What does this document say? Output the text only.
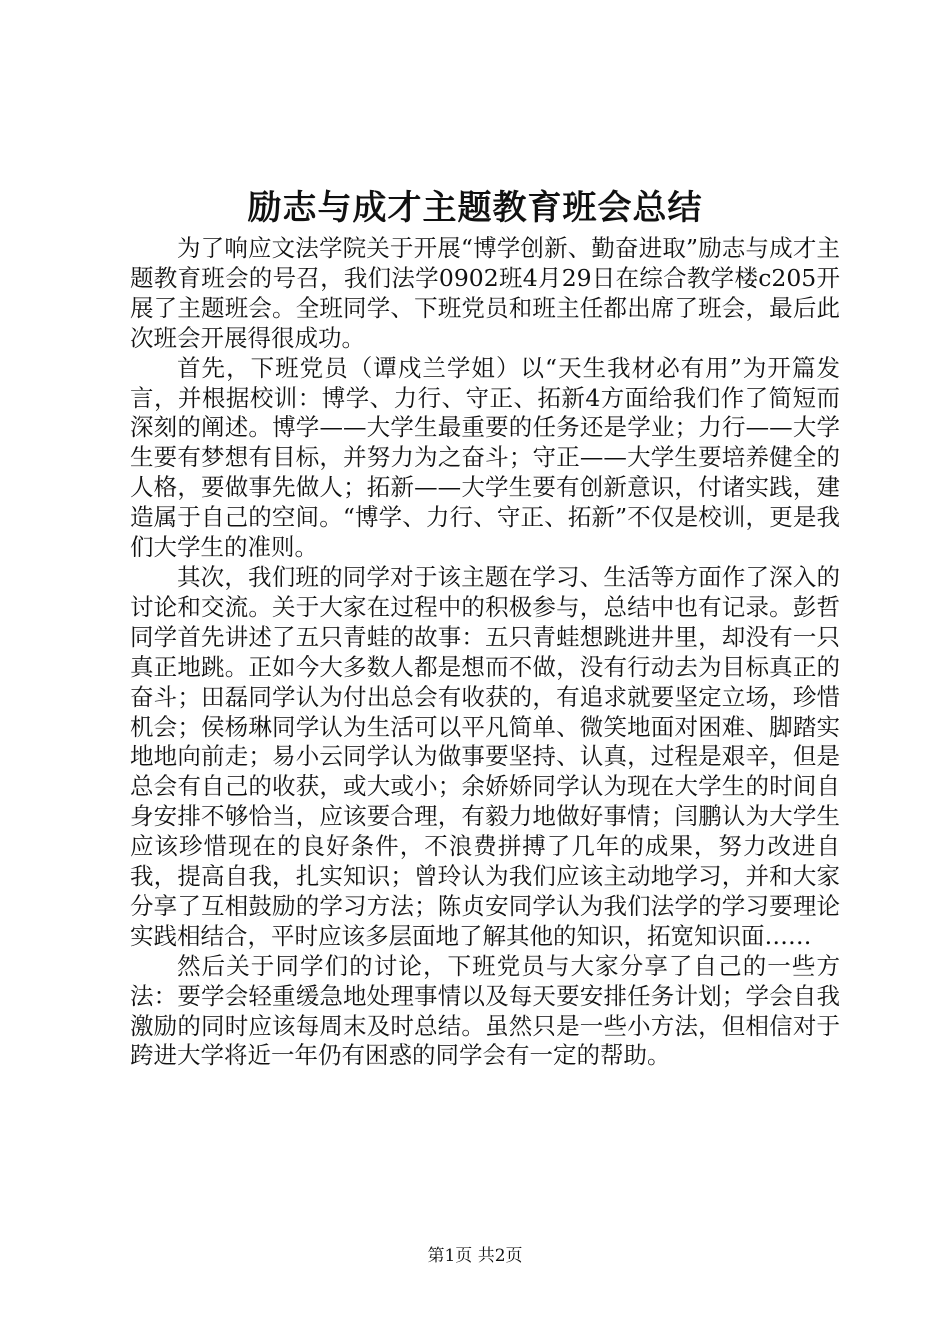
励志与成才主题教育班会总结

为了响应文法学院关于开展“博学创新、勤奋进取”励志与成才主题教育班会的号召，我们法学0902班4月29日在综合教学楼c205开展了主题班会。全班同学、下班党员和班主任都出席了班会，最后此次班会开展得很成功。

首先，下班党员（谭戍兰学姐）以“天生我材必有用”为开篇发言，并根据校训：博学、力行、守正、拓新4方面给我们作了简短而深刻的阐述。博学——大学生最重要的任务还是学业；力行——大学生要有梦想有目标，并努力为之奋斗；守正——大学生要培养健全的人格，要做事先做人；拓新——大学生要有创新意识，付诸实践，建造属于自己的空间。“博学、力行、守正、拓新”不仅是校训，更是我们大学生的准则。

其次，我们班的同学对于该主题在学习、生活等方面作了深入的讨论和交流。关于大家在过程中的积极参与，总结中也有记录。彭哲同学首先讲述了五只青蛙的故事：五只青蛙想跳进井里，却没有一只真正地跳。正如今大多数人都是想而不做，没有行动去为目标真正的奋斗；田磊同学认为付出总会有收获的，有追求就要坚定立场，珍惜机会；侯杨琳同学认为生活可以平凡简单、微笑地面对困难、脚踏实地地向前走；易小云同学认为做事要坚持、认真，过程是艰辛，但是总会有自己的收获，或大或小；余娇娇同学认为现在大学生的时间自身安排不够恰当，应该要合理，有毅力地做好事情；闫鹏认为大学生应该珍惜现在的良好条件，不浪费拼搏了几年的成果，努力改进自我，提高自我，扎实知识；曾玲认为我们应该主动地学习，并和大家分享了互相鼓励的学习方法；陈贞安同学认为我们法学的学习要理论实践相结合，平时应该多层面地了解其他的知识，拓宽知识面……

然后关于同学们的讨论，下班党员与大家分享了自己的一些方法：要学会轻重缓急地处理事情以及每天要安排任务计划；学会自我激励的同时应该每周末及时总结。虽然只是一些小方法，但相信对于跨进大学将近一年仍有困惑的同学会有一定的帮助。

第1页 共2页
